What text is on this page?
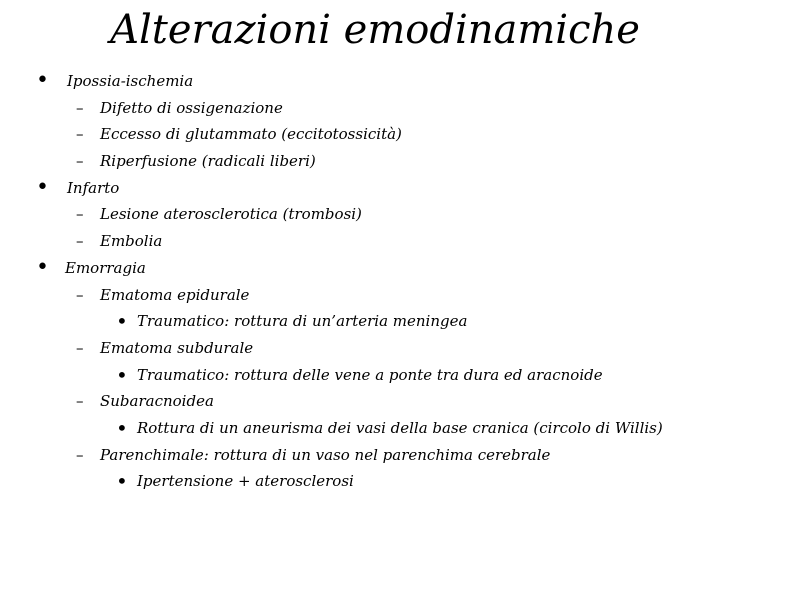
Alterazioni emodinamiche
• Ipossia-ischemia
– Difetto di ossigenazione
– Eccesso di glutammato (eccitotossicità)
– Riperfusione (radicali liberi)
• Infarto
– Lesione aterosclerotica (trombosi)
– Embolia
• Emorragia
– Ematoma epidurale
• Traumatico: rottura di un’arteria meningea
– Ematoma subdurale
• Traumatico: rottura delle vene a ponte tra dura ed aracnoide
– Subaracnoidea
• Rottura di un aneurisma dei vasi della base cranica (circolo di Willis)
– Parenchimale: rottura di un vaso nel parenchima cerebrale
• Ipertensione + aterosclerosi
